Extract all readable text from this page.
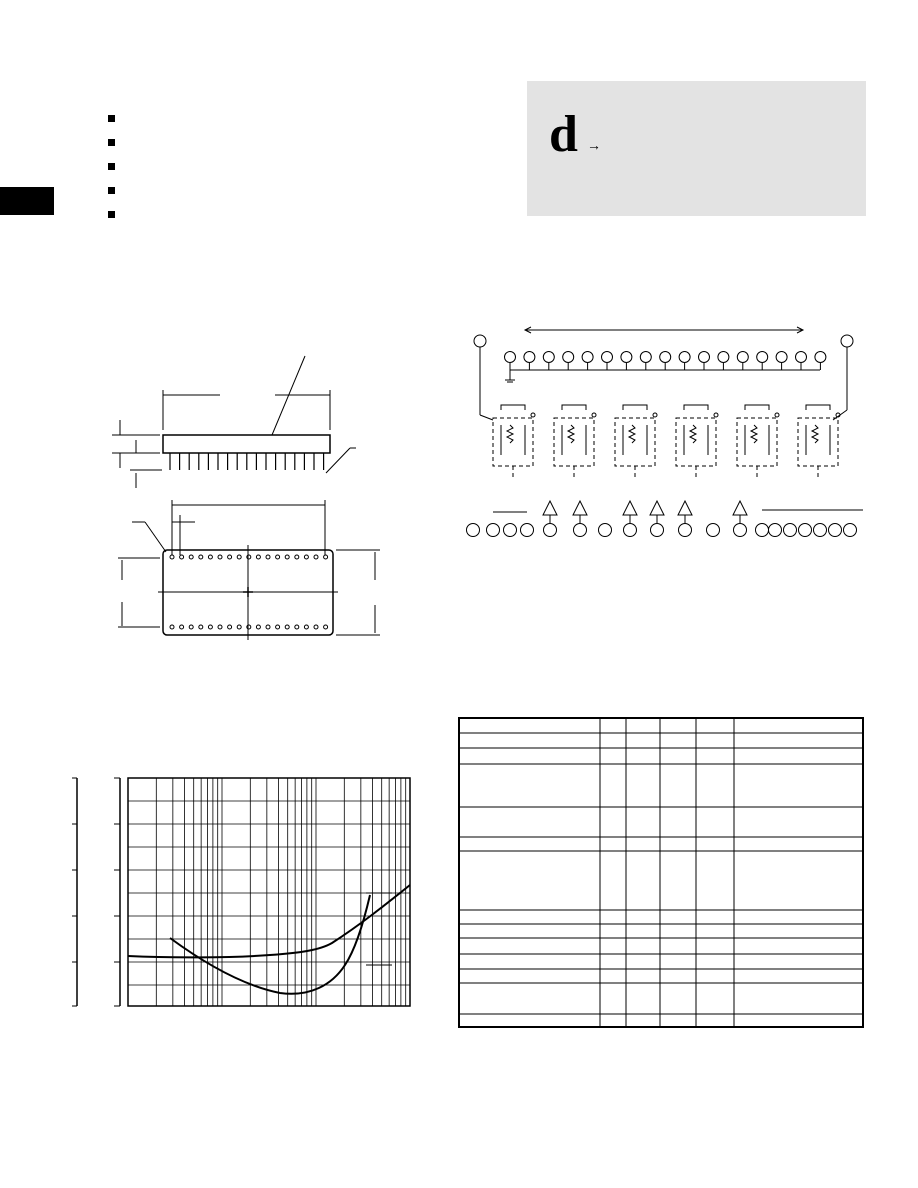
d →
